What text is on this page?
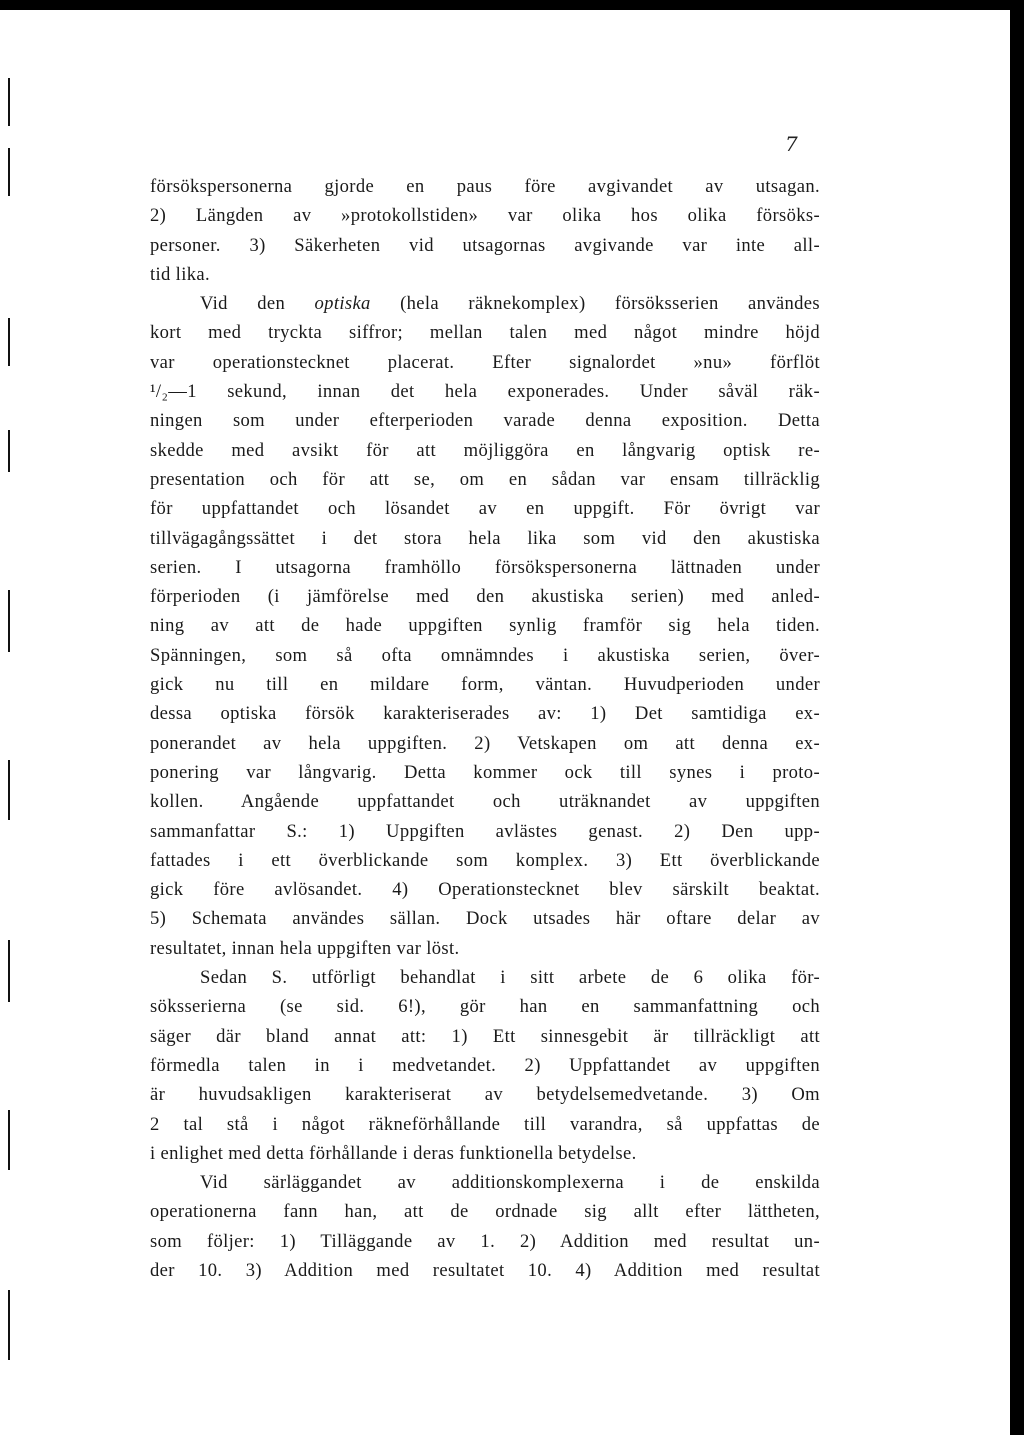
7
försökspersonerna gjorde en paus före avgivandet av utsagan.
2) Längden av »protokollstiden» var olika hos olika försöks-
personer. 3) Säkerheten vid utsagornas avgivande var inte all-
tid lika.
Vid den optiska (hela räknekomplex) försöksserien användes
kort med tryckta siffror; mellan talen med något mindre höjd
var operationstecknet placerat. Efter signalordet »nu» förflöt
¹/₂—1 sekund, innan det hela exponerades. Under såväl räk-
ningen som under efterperioden varade denna exposition. Detta
skedde med avsikt för att möjliggöra en långvarig optisk re-
presentation och för att se, om en sådan var ensam tillräcklig
för uppfattandet och lösandet av en uppgift. För övrigt var
tillvägagångssättet i det stora hela lika som vid den akustiska
serien. I utsagorna framhöllo försökspersonerna lättnaden under
förperioden (i jämförelse med den akustiska serien) med anled-
ning av att de hade uppgiften synlig framför sig hela tiden.
Spänningen, som så ofta omnämndes i akustiska serien, över-
gick nu till en mildare form, väntan. Huvudperioden under
dessa optiska försök karakteriserades av: 1) Det samtidiga ex-
ponerandet av hela uppgiften. 2) Vetskapen om att denna ex-
ponering var långvarig. Detta kommer ock till synes i proto-
kollen. Angående uppfattandet och uträknandet av uppgiften
sammanfattar S.: 1) Uppgiften avlästes genast. 2) Den upp-
fattades i ett överblickande som komplex. 3) Ett överblickande
gick före avlösandet. 4) Operationstecknet blev särskilt beaktat.
5) Schemata användes sällan. Dock utsades här oftare delar av
resultatet, innan hela uppgiften var löst.
Sedan S. utförligt behandlat i sitt arbete de 6 olika för-
söksserierna (se sid. 6!), gör han en sammanfattning och
säger där bland annat att: 1) Ett sinnesgebit är tillräckligt att
förmedla talen in i medvetandet. 2) Uppfattandet av uppgiften
är huvudsakligen karakteriserat av betydelsemedvetande. 3) Om
2 tal stå i något räkneförhållande till varandra, så uppfattas de
i enlighet med detta förhållande i deras funktionella betydelse.
Vid särläggandet av additionskomplexerna i de enskilda
operationerna fann han, att de ordnade sig allt efter lättheten,
som följer: 1) Tilläggande av 1. 2) Addition med resultat un-
der 10. 3) Addition med resultatet 10. 4) Addition med resultat
